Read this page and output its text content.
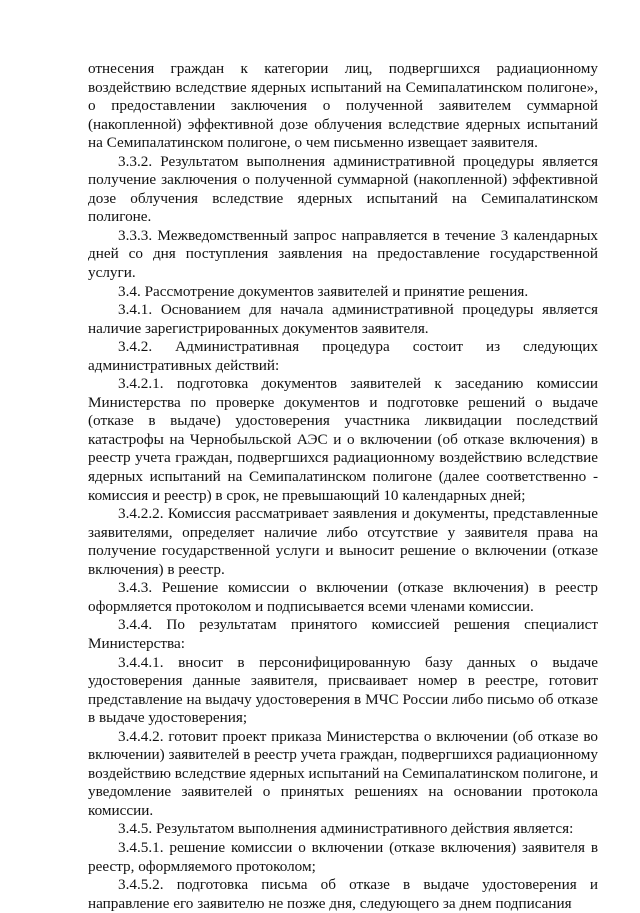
отнесения граждан к категории лиц, подвергшихся радиационному воздействию вследствие ядерных испытаний на Семипалатинском полигоне», о предоставлении заключения о полученной заявителем суммарной (накопленной) эффективной дозе облучения вследствие ядерных испытаний на Семипалатинском полигоне, о чем письменно извещает заявителя.

3.3.2. Результатом выполнения административной процедуры является получение заключения о полученной суммарной (накопленной) эффективной дозе облучения вследствие ядерных испытаний на Семипалатинском полигоне.

3.3.3. Межведомственный запрос направляется в течение 3 календарных дней со дня поступления заявления на предоставление государственной услуги.

3.4. Рассмотрение документов заявителей и принятие решения.

3.4.1. Основанием для начала административной процедуры является наличие зарегистрированных документов заявителя.

3.4.2. Административная процедура состоит из следующих административных действий:

3.4.2.1. подготовка документов заявителей к заседанию комиссии Министерства по проверке документов и подготовке решений о выдаче (отказе в выдаче) удостоверения участника ликвидации последствий катастрофы на Чернобыльской АЭС и о включении (об отказе включения) в реестр учета граждан, подвергшихся радиационному воздействию вследствие ядерных испытаний на Семипалатинском полигоне (далее соответственно - комиссия и реестр) в срок, не превышающий 10 календарных дней;

3.4.2.2. Комиссия рассматривает заявления и документы, представленные заявителями, определяет наличие либо отсутствие у заявителя права на получение государственной услуги и выносит решение о включении (отказе включения) в реестр.

3.4.3. Решение комиссии о включении (отказе включения) в реестр оформляется протоколом и подписывается всеми членами комиссии.

3.4.4. По результатам принятого комиссией решения специалист Министерства:

3.4.4.1. вносит в персонифицированную базу данных о выдаче удостоверения данные заявителя, присваивает номер в реестре, готовит представление на выдачу удостоверения в МЧС России либо письмо об отказе в выдаче удостоверения;

3.4.4.2. готовит проект приказа Министерства о включении (об отказе во включении) заявителей в реестр учета граждан, подвергшихся радиационному воздействию вследствие ядерных испытаний на Семипалатинском полигоне, и уведомление заявителей о принятых решениях на основании протокола комиссии.

3.4.5. Результатом выполнения административного действия является:

3.4.5.1. решение комиссии о включении (отказе включения) заявителя в реестр, оформляемого протоколом;

3.4.5.2. подготовка письма об отказе в выдаче удостоверения и направление его заявителю не позже дня, следующего за днем подписания
